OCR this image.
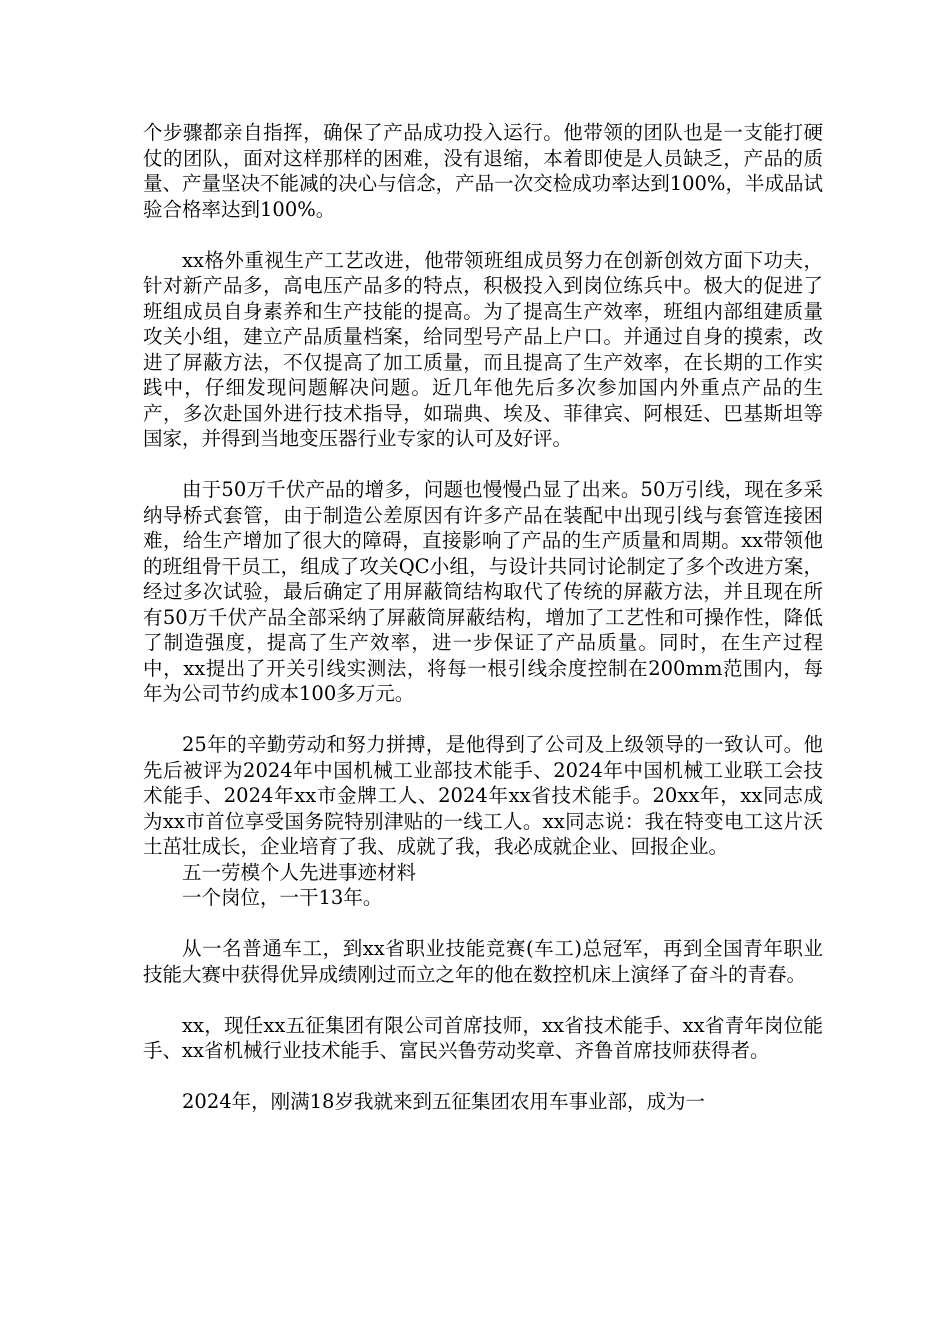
个步骤都亲自指挥，确保了产品成功投入运行。他带领的团队也是一支能打硬仗的团队，面对这样那样的困难，没有退缩，本着即使是人员缺乏，产品的质量、产量坚决不能减的决心与信念，产品一次交检成功率达到100%，半成品试验合格率达到100%。

xx格外重视生产工艺改进，他带领班组成员努力在创新创效方面下功夫，针对新产品多，高电压产品多的特点，积极投入到岗位练兵中。极大的促进了班组成员自身素养和生产技能的提高。为了提高生产效率，班组内部组建质量攻关小组，建立产品质量档案，给同型号产品上户口。并通过自身的摸索，改进了屏蔽方法，不仅提高了加工质量，而且提高了生产效率，在长期的工作实践中，仔细发现问题解决问题。近几年他先后多次参加国内外重点产品的生产，多次赴国外进行技术指导，如瑞典、埃及、菲律宾、阿根廷、巴基斯坦等国家，并得到当地变压器行业专家的认可及好评。

由于50万千伏产品的增多，问题也慢慢凸显了出来。50万引线，现在多采纳导桥式套管，由于制造公差原因有许多产品在装配中出现引线与套管连接困难，给生产增加了很大的障碍，直接影响了产品的生产质量和周期。xx带领他的班组骨干员工，组成了攻关QC小组，与设计共同讨论制定了多个改进方案，经过多次试验，最后确定了用屏蔽筒结构取代了传统的屏蔽方法，并且现在所有50万千伏产品全部采纳了屏蔽筒屏蔽结构，增加了工艺性和可操作性，降低了制造强度，提高了生产效率，进一步保证了产品质量。同时，在生产过程中，xx提出了开关引线实测法，将每一根引线余度控制在200mm范围内，每年为公司节约成本100多万元。

25年的辛勤劳动和努力拼搏，是他得到了公司及上级领导的一致认可。他先后被评为2024年中国机械工业部技术能手、2024年中国机械工业联工会技术能手、2024年xx市金牌工人、2024年xx省技术能手。20xx年，xx同志成为xx市首位享受国务院特别津贴的一线工人。xx同志说：我在特变电工这片沃土茁壮成长，企业培育了我、成就了我，我必成就企业、回报企业。

五一劳模个人先进事迹材料

一个岗位，一干13年。

从一名普通车工，到xx省职业技能竞赛(车工)总冠军，再到全国青年职业技能大赛中获得优异成绩刚过而立之年的他在数控机床上演绎了奋斗的青春。

xx，现任xx五征集团有限公司首席技师，xx省技术能手、xx省青年岗位能手、xx省机械行业技术能手、富民兴鲁劳动奖章、齐鲁首席技师获得者。

2024年，刚满18岁我就来到五征集团农用车事业部，成为一
